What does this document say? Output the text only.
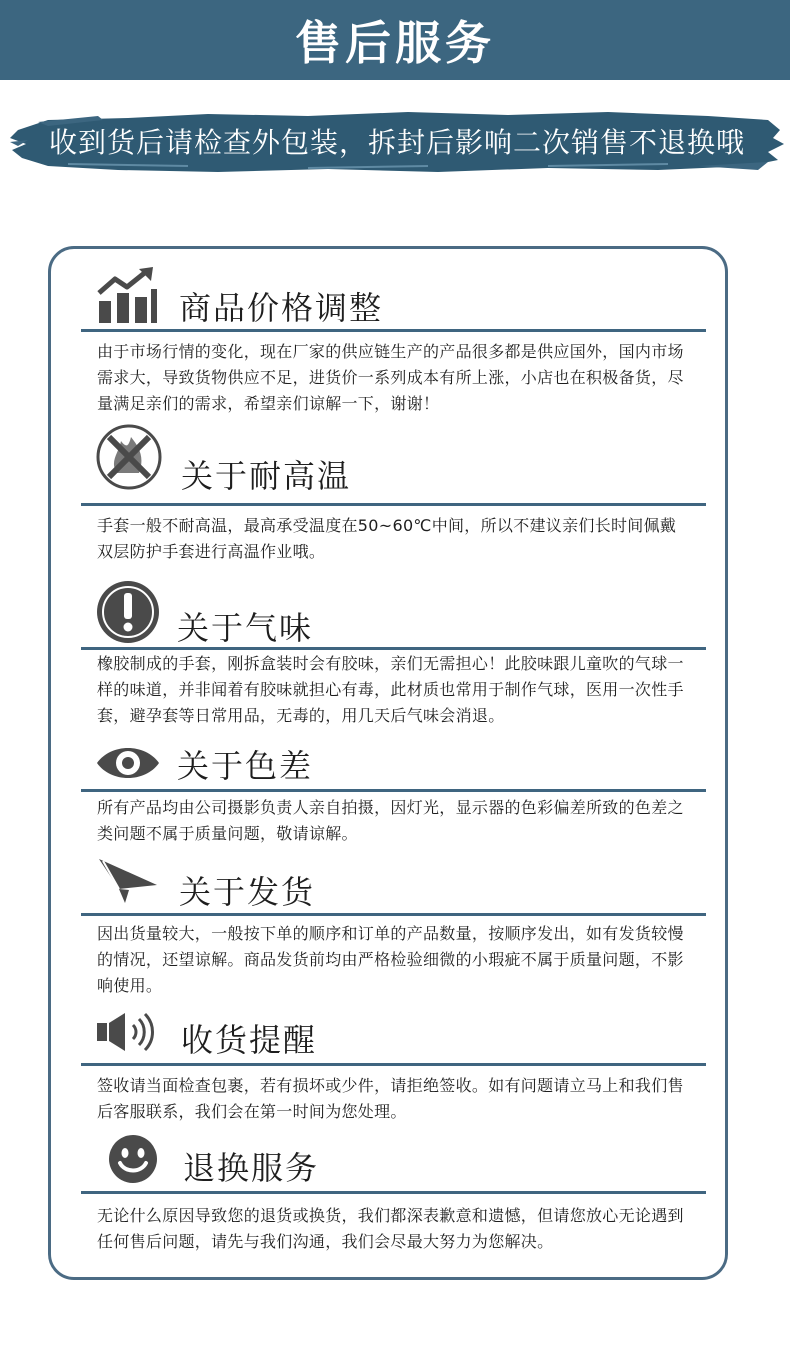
售后服务
收到货后请检查外包装，拆封后影响二次销售不退换哦
商品价格调整
由于市场行情的变化，现在厂家的供应链生产的产品很多都是供应国外，国内市场需求大，导致货物供应不足，进货价一系列成本有所上涨，小店也在积极备货，尽量满足亲们的需求，希望亲们谅解一下，谢谢！
关于耐高温
手套一般不耐高温，最高承受温度在50~60℃中间，所以不建议亲们长时间佩戴双层防护手套进行高温作业哦。
关于气味
橡胶制成的手套，刚拆盒装时会有胶味，亲们无需担心！此胶味跟儿童吹的气球一样的味道，并非闻着有胶味就担心有毒，此材质也常用于制作气球，医用一次性手套，避孕套等日常用品，无毒的，用几天后气味会消退。
关于色差
所有产品均由公司摄影负责人亲自拍摄，因灯光，显示器的色彩偏差所致的色差之类问题不属于质量问题，敬请谅解。
关于发货
因出货量较大，一般按下单的顺序和订单的产品数量，按顺序发出，如有发货较慢的情况，还望谅解。商品发货前均由严格检验细微的小瑕疵不属于质量问题，不影响使用。
收货提醒
签收请当面检查包裹，若有损坏或少件，请拒绝签收。如有问题请立马上和我们售后客服联系，我们会在第一时间为您处理。
退换服务
无论什么原因导致您的退货或换货，我们都深表歉意和遗憾，但请您放心无论遇到任何售后问题，请先与我们沟通，我们会尽最大努力为您解决。
